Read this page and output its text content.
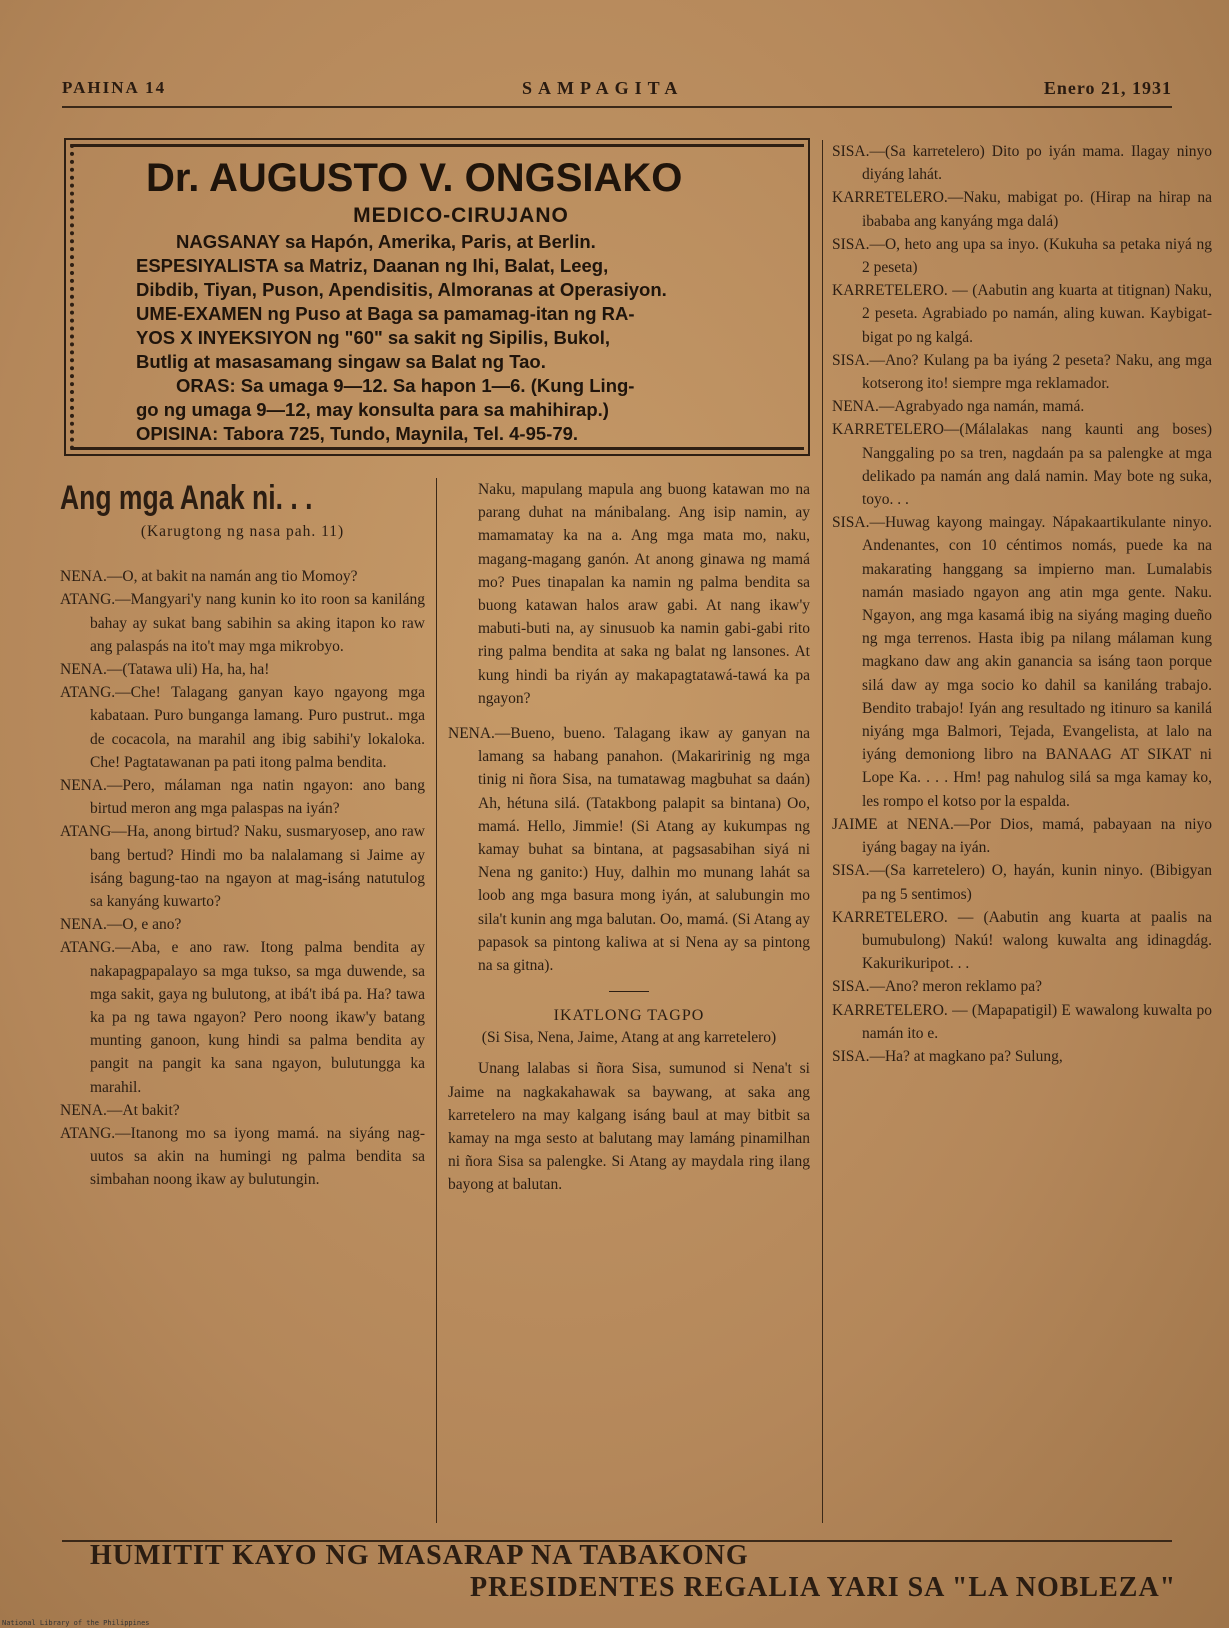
PAHINA 14	SAMPAGITA	Enero 21, 1931
Dr. AUGUSTO V. ONGSIAKO
MEDICO-CIRUJANO
NAGSANAY sa Hapón, Amerika, Paris, at Berlin.
ESPESIYALISTA sa Matriz, Daanan ng Ihi, Balat, Leeg,
Dibdib, Tiyan, Puson, Apendisitis, Almoranas at Operasiyon.
UME-EXAMEN ng Puso at Baga sa pamamag-itan ng RA-
YOS X INYEKSIYON ng "60" sa sakit ng Sipilis, Bukol,
Butlig at masasamang singaw sa Balat ng Tao.
ORAS: Sa umaga 9—12. Sa hapon 1—6. (Kung Ling-
go ng umaga 9—12, may konsulta para sa mahihirap.)
OPISINA: Tabora 725, Tundo, Maynila, Tel. 4-95-79.
Ang mga Anak ni. . .
(Karugtong ng nasa pah. 11)

NENA.—O, at bakit na namán ang tio Momoy?

ATANG.—Mangyari'y nang kunin ko ito roon sa kaniláng bahay ay sukat bang sabihin sa aking itapon ko raw ang palaspás na ito't may mga mikrobyo.

NENA.—(Tatawa uli) Ha, ha, ha!

ATANG.—Che! Talagang ganyan kayo ngayong mga kabataan. Puro bunganga lamang. Puro pustrut.. mga de cocacola, na marahil ang ibig sabihi'y lokaloka. Che! Pagtatawanan pa pati itong palma bendita.

NENA.—Pero, málaman nga natin ngayon: ano bang birtud meron ang mga palaspas na iyán?

ATANG—Ha, anong birtud? Naku, susmaryosep, ano raw bang bertud? Hindi mo ba nalalamang si Jaime ay isáng bagung-tao na ngayon at mag-isáng natutulog sa kanyáng kuwarto?

NENA.—O, e ano?

ATANG.—Aba, e ano raw. Itong palma bendita ay nakapagpapalayo sa mga tukso, sa mga duwende, sa mga sakit, gaya ng bulutong, at ibá't ibá pa. Ha? tawa ka pa ng tawa ngayon? Pero noong ikaw'y batang munting ganoon, kung hindi sa palma bendita ay pangit na pangit ka sana ngayon, bulutungga ka marahil.

NENA.—At bakit?

ATANG.—Itanong mo sa iyong mamá. na siyáng nag-uutos sa akin na humingi ng palma bendita sa simbahan noong ikaw ay bulutungin.

Naku, mapulang mapula ang buong katawan mo na parang duhat na mánibalang. Ang isip namin, ay mamamatay ka na a. Ang mga mata mo, naku, magang-magang ganón. At anong ginawa ng mamá mo? Pues tinapalan ka namin ng palma bendita sa buong katawan halos araw gabi. At nang ikaw'y mabuti-buti na, ay sinusuob ka namin gabi-gabi rito ring palma bendita at saka ng balat ng lansones. At kung hindi ba riyán ay makapagtatawá-tawá ka pa ngayon?

NENA.—Bueno, bueno. Talagang ikaw ay ganyan na lamang sa habang panahon. (Makaririnig ng mga tinig ni ñora Sisa, na tumatawag magbuhat sa daán) Ah, hétuna silá. (Tatakbong palapit sa bintana) Oo, mamá. Hello, Jimmie! (Si Atang ay kukumpas ng kamay buhat sa bintana, at pagsasabihan siyá ni Nena ng ganito:) Huy, dalhin mo munang lahát sa loob ang mga basura mong iyán, at salubungin mo sila't kunin ang mga balutan. Oo, mamá. (Si Atang ay papasok sa pintong kaliwa at si Nena ay sa pintong na sa gitna).

IKATLONG TAGPO
(Si Sisa, Nena, Jaime, Atang at ang karretelero)

Unang lalabas si ñora Sisa, sumunod si Nena't si Jaime na nagkakahawak sa baywang, at saka ang karretelero na may kalgang isáng baul at may bitbit sa kamay na mga sesto at balutang may lamáng pinamilhan ni ñora Sisa sa palengke. Si Atang ay maydala ring ilang bayong at balutan.

SISA.—(Sa karretelero) Dito po iyán mama. Ilagay ninyo diyáng lahát.

KARRETELERO.—Naku, mabigat po. (Hirap na hirap na ibababa ang kanyáng mga dalá)

SISA.—O, heto ang upa sa inyo. (Kukuha sa petaka niyá ng 2 peseta)

KARRETELERO. — (Aabutin ang kuarta at titignan) Naku, 2 peseta. Agrabiado po namán, aling kuwan. Kaybigat-bigat po ng kalgá.

SISA.—Ano? Kulang pa ba iyáng 2 peseta? Naku, ang mga kotserong ito! siempre mga reklamador.

NENA.—Agrabyado nga namán, mamá.

KARRETELERO—(Málalakas nang kaunti ang boses) Nanggaling po sa tren, nagdaán pa sa palengke at mga delikado pa namán ang dalá namin. May bote ng suka, toyo. . .

SISA.—Huwag kayong maingay. Nápakaartikulante ninyo. Andenantes, con 10 céntimos nomás, puede ka na makarating hanggang sa impierno man. Lumalabis namán masiado ngayon ang atin mga gente. Naku. Ngayon, ang mga kasamá ibig na siyáng maging dueño ng mga terrenos. Hasta ibig pa nilang málaman kung magkano daw ang akin ganancia sa isáng taon porque silá daw ay mga socio ko dahil sa kaniláng trabajo. Bendito trabajo! Iyán ang resultado ng itinuro sa kanilá niyáng mga Balmori, Tejada, Evangelista, at lalo na iyáng demoniong libro na BANAAG AT SIKAT ni Lope Ka. . . . Hm! pag nahulog silá sa mga kamay ko, les rompo el kotso por la espalda.

JAIME at NENA.—Por Dios, mamá, pabayaan na niyo iyáng bagay na iyán.

SISA.—(Sa karretelero) O, hayán, kunin ninyo. (Bibigyan pa ng 5 sentimos)

KARRETELERO. — (Aabutin ang kuarta at paalis na bumubulong) Nakú! walong kuwalta ang idinagdág. Kakurikuripot. . .

SISA.—Ano? meron reklamo pa?

KARRETELERO. — (Mapapatigil) E wawalong kuwalta po namán ito e.

SISA.—Ha? at magkano pa? Sulung,

HUMITIT KAYO NG MASARAP NA TABAKONG
PRESIDENTES REGALIA YARI SA "LA NOBLEZA"
National Library of the Philippines
